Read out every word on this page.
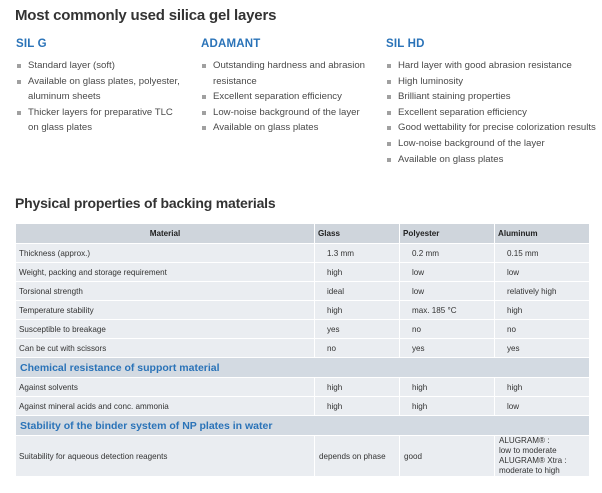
Most commonly used silica gel layers
SIL G
Standard layer (soft)
Available on glass plates, polyester, aluminum sheets
Thicker layers for preparative TLC on glass plates
ADAMANT
Outstanding hardness and abrasion resistance
Excellent separation efficiency
Low-noise background of the layer
Available on glass plates
SIL HD
Hard layer with good abrasion resistance
High luminosity
Brilliant staining properties
Excellent separation efficiency
Good wettability for precise colorization results
Low-noise background of the layer
Available on glass plates
Physical properties of backing materials
Material	Glass	Polyester	Aluminum
Thickness (approx.)	1.3 mm	0.2 mm	0.15 mm
Weight, packing and storage requirement	high	low	low
Torsional strength	ideal	low	relatively high
Temperature stability	high	max. 185 °C	high
Susceptible to breakage	yes	no	no
Can be cut with scissors	no	yes	yes
Chemical resistance of support material			
Against solvents	high	high	high
Against mineral acids and conc. ammonia	high	high	low
Stability of the binder system of NP plates in water			
Suitability for aqueous detection reagents	depends on phase	good	ALUGRAM® :
low to moderate
ALUGRAM® Xtra :
moderate to high
